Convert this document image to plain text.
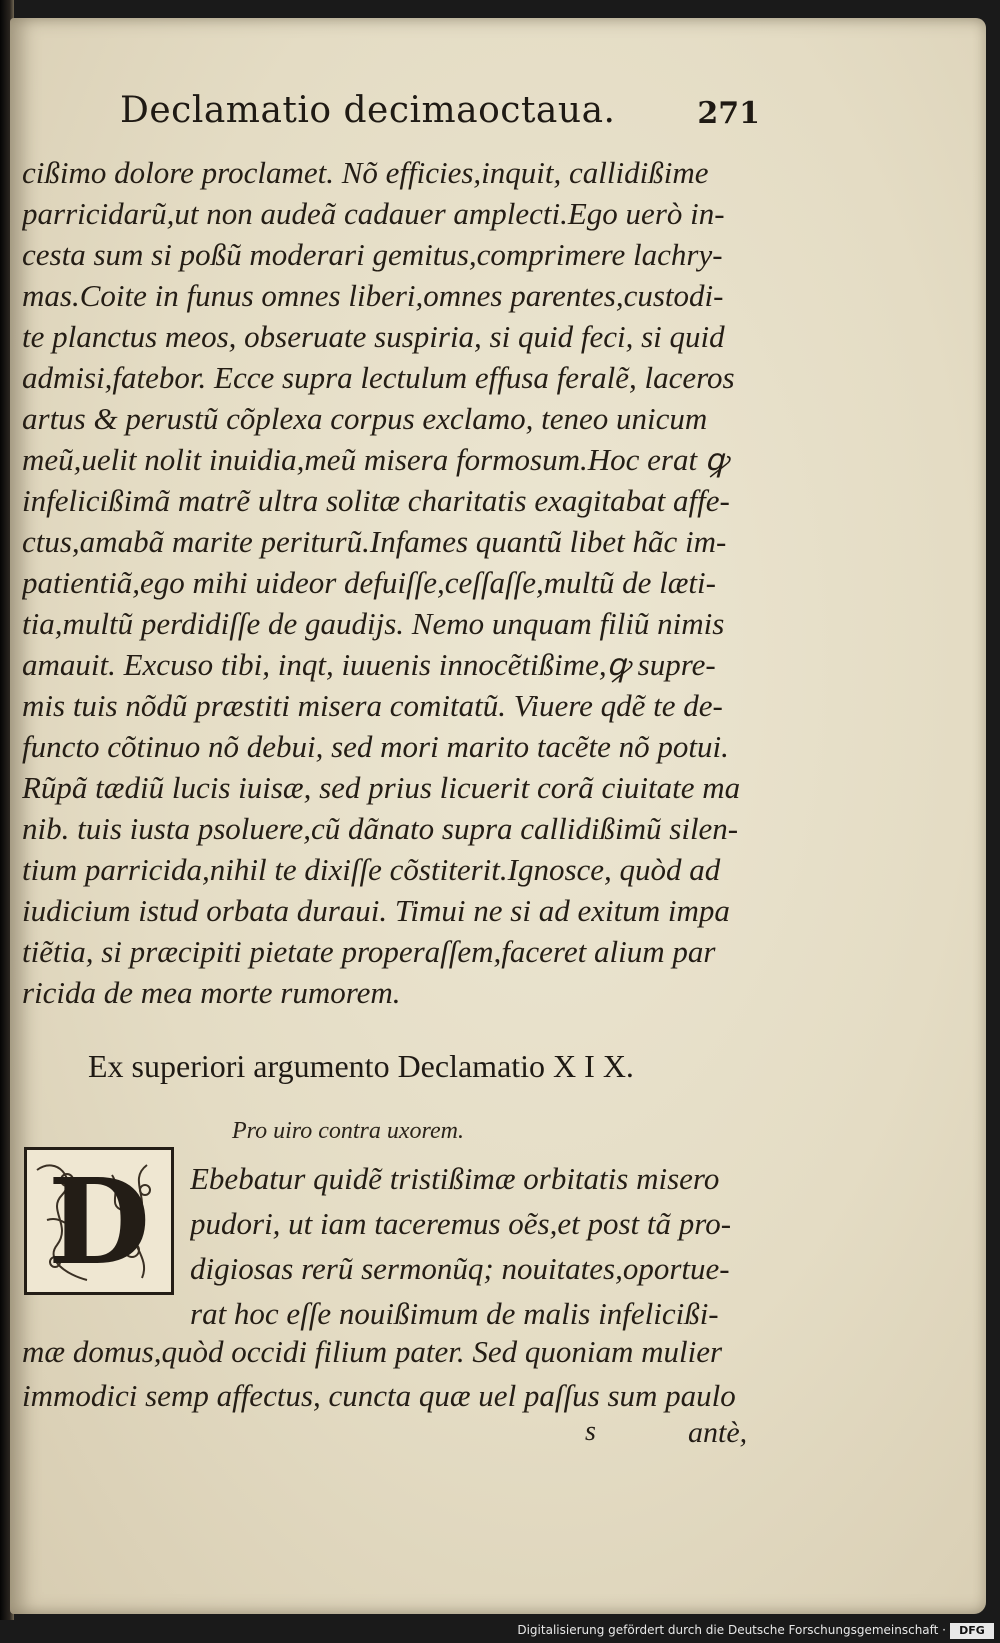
Declamatio decimaoctaua.	271
cißimo dolore proclamet. Nõ efficies,inquit, callidißime
parricidarũ,ut non audeã cadauer amplecti.Ego uerò in-
cesta sum si poßũ moderari gemitus,comprimere lachry-
mas.Coite in funus omnes liberi,omnes parentes,custodi-
te planctus meos, obseruate suspiria, si quid feci, si quid
admisi,fatebor. Ecce supra lectulum effusa feralẽ, laceros
artus & perustũ cõplexa corpus exclamo, teneo unicum
meũ,uelit nolit inuidia,meũ misera formosum.Hoc erat ꝙ
infelicißimã matrẽ ultra solitæ charitatis exagitabat affe-
ctus,amabã marite periturũ.Infames quantũ libet hãc im-
patientiã,ego mihi uideor defuiſſe,ceſſaſſe,multũ de læti-
tia,multũ perdidiſſe de gaudijs. Nemo unquam filiũ nimis
amauit. Excuso tibi, inqt, iuuenis innocẽtißime,ꝙ supre-
mis tuis nõdũ præstiti misera comitatũ. Viuere qdẽ te de-
functo cõtinuo nõ debui, sed mori marito tacẽte nõ potui.
Rũpã tædiũ lucis iuisæ, sed prius licuerit corã ciuitate ma
nib. tuis iusta psoluere,cũ dãnato supra callidißimũ silen-
tium parricida,nihil te dixiſſe cõstiterit.Ignosce, quòd ad
iudicium istud orbata duraui. Timui ne si ad exitum impa
tiẽtia, si præcipiti pietate properaſſem,faceret alium par
ricida de mea morte rumorem.
Ex superiori argumento Declamatio X I X.
Pro uiro contra uxorem.
D	Ebebatur quidẽ tristißimæ orbitatis misero
pudori, ut iam taceremus oẽs,et post tã pro-
digiosas rerũ sermonũq; nouitates,oportue-
rat hoc eſſe nouißimum de malis infelicißi-
mæ domus,quòd occidi filium pater. Sed quoniam mulier
immodici semp affectus, cuncta quæ uel paſſus sum paulo
s	antè,
Digitalisierung gefördert durch die Deutsche Forschungsgemeinschaft ·	DFG
